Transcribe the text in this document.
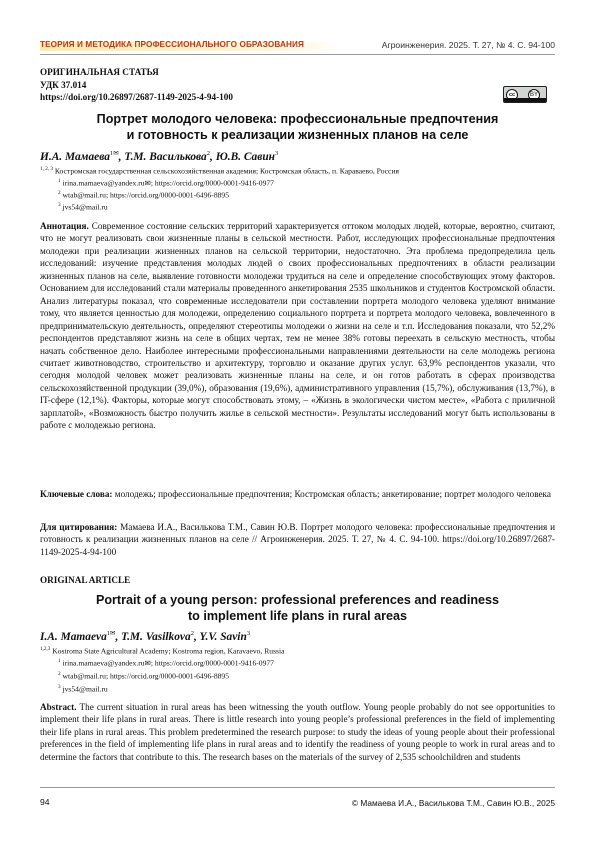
ТЕОРИЯ И МЕТОДИКА ПРОФЕССИОНАЛЬНОГО ОБРАЗОВАНИЯ	Агроинженерия. 2025. Т. 27, № 4. С. 94-100
ОРИГИНАЛЬНАЯ СТАТЬЯ
УДК 37.014
https://doi.org/10.26897/2687-1149-2025-4-94-100	cc	BY
Портрет молодого человека: профессиональные предпочтения
и готовность к реализации жизненных планов на селе
И.А. Мамаева$^{1✉}$, Т.М. Василькова$^2$, Ю.В. Савин$^3$
$^{1, 2, 3}$ Костромская государственная сельскохозяйственная академия; Костромская область, п. Караваево, Россия
$^1$ irina.mamaeva@yandex.ru✉; https://orcid.org/0000-0001-9416-0977
$^2$ wtab@mail.ru; https://orcid.org/0000-0001-6496-8895
$^3$ jvs54@mail.ru

Аннотация. Современное состояние сельских территорий характеризуется оттоком молодых людей, которые, вероятно, считают, что не могут реализовать свои жизненные планы в сельской местности. Работ, исследующих профессиональные предпочтения молодежи при реализации жизненных планов на сельской территории, недостаточно. Эта проблема предопределила цель исследований: изучение представления молодых людей о своих профессиональных предпочтениях в области реализации жизненных планов на селе, выявление готовности молодежи трудиться на селе и определение способствующих этому факторов. Основанием для исследований стали материалы проведенного анкетирования 2535 школьников и студентов Костромской области. Анализ литературы показал, что современные исследователи при составлении портрета молодого человека уделяют внимание тому, что является ценностью для молодежи, определению социального портрета и портрета молодого человека, вовлеченного в предпринимательскую деятельность, определяют стереотипы молодежи о жизни на селе и т.п. Исследования показали, что 52,2% респондентов представляют жизнь на селе в общих чертах, тем не менее 38% готовы переехать в сельскую местность, чтобы начать собственное дело. Наиболее интересными профессиональными направлениями деятельности на селе молодежь региона считает животноводство, строительство и архитектуру, торговлю и оказание других услуг. 63,9% респондентов указали, что сегодня молодой человек может реализовать жизненные планы на селе, и он готов работать в сферах производства сельскохозяйственной продукции (39,0%), образования (19,6%), административного управления (15,7%), обслуживания (13,7%), в IT-сфере (12,1%). Факторы, которые могут способствовать этому, – «Жизнь в экологически чистом месте», «Работа с приличной зарплатой», «Возможность быстро получить жилье в сельской местности». Результаты исследований могут быть использованы в работе с молодежью региона.

Ключевые слова: молодежь; профессиональные предпочтения; Костромская область; анкетирование; портрет молодого человека

Для цитирования: Мамаева И.А., Василькова Т.М., Савин Ю.В. Портрет молодого человека: профессиональные предпочтения и готовность к реализации жизненных планов на селе // Агроинженерия. 2025. Т. 27, № 4. С. 94-100. https://doi.org/10.26897/2687-1149-2025-4-94-100

ORIGINAL ARTICLE
Portrait of a young person: professional preferences and readiness
to implement life plans in rural areas
I.A. Mamaeva$^{1✉}$, T.M. Vasilkova$^2$, Y.V. Savin$^3$
$^{1,2,3}$ Kostroma State Agricultural Academy; Kostroma region, Karavaevo, Russia
$^1$ irina.mamaeva@yandex.ru✉; https://orcid.org/0000-0001-9416-0977
$^2$ wtab@mail.ru; https://orcid.org/0000-0001-6496-8895
$^3$ jvs54@mail.ru

Abstract. The current situation in rural areas has been witnessing the youth outflow. Young people probably do not see opportunities to implement their life plans in rural areas. There is little research into young people’s professional preferences in the field of implementing their life plans in rural areas. This problem predetermined the research purpose: to study the ideas of young people about their professional preferences in the field of implementing life plans in rural areas and to identify the readiness of young people to work in rural areas and to determine the factors that contribute to this. The research bases on the materials of the survey of 2,535 schoolchildren and students

94	© Мамаева И.А., Василькова Т.М., Савин Ю.В., 2025
